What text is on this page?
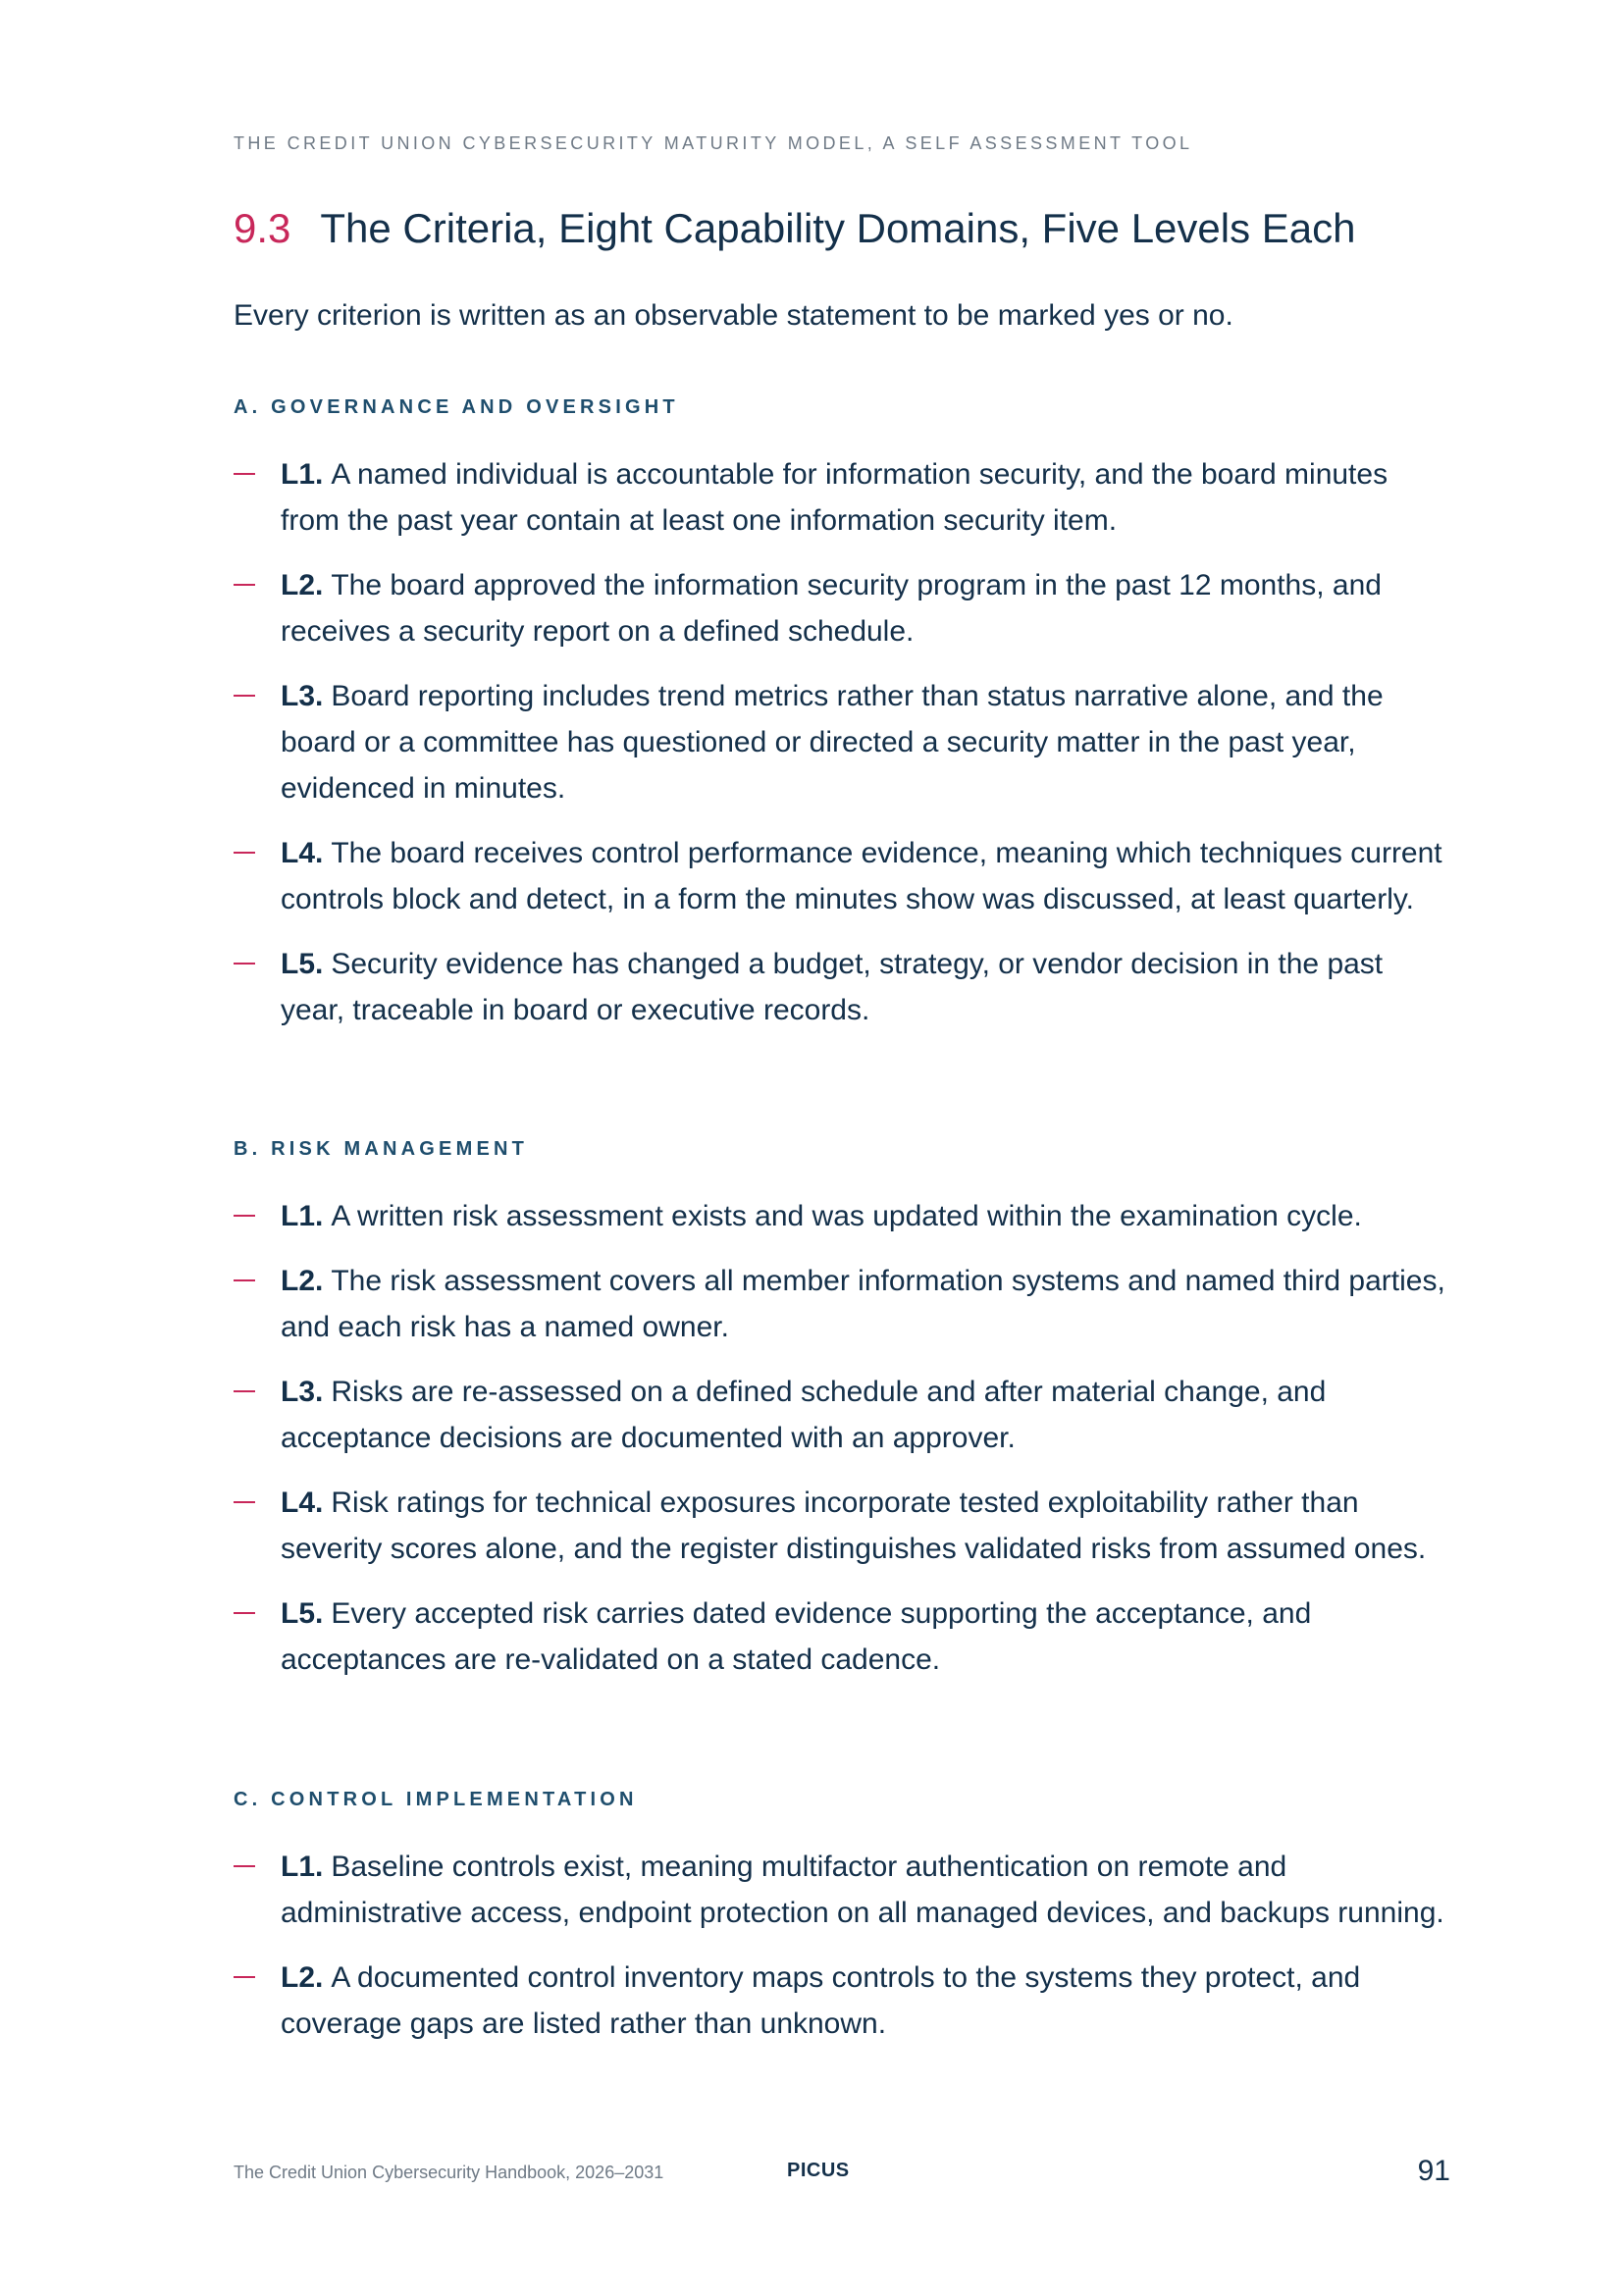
THE CREDIT UNION CYBERSECURITY MATURITY MODEL, A SELF ASSESSMENT TOOL
9.3 The Criteria, Eight Capability Domains, Five Levels Each

Every criterion is written as an observable statement to be marked yes or no.

A. GOVERNANCE AND OVERSIGHT
L1. A named individual is accountable for information security, and the board minutes from the past year contain at least one information security item.
L2. The board approved the information security program in the past 12 months, and receives a security report on a defined schedule.
L3. Board reporting includes trend metrics rather than status narrative alone, and the board or a committee has questioned or directed a security matter in the past year, evidenced in minutes.
L4. The board receives control performance evidence, meaning which techniques current controls block and detect, in a form the minutes show was discussed, at least quarterly.
L5. Security evidence has changed a budget, strategy, or vendor decision in the past year, traceable in board or executive records.
B. RISK MANAGEMENT
L1. A written risk assessment exists and was updated within the examination cycle.
L2. The risk assessment covers all member information systems and named third parties, and each risk has a named owner.
L3. Risks are re-assessed on a defined schedule and after material change, and acceptance decisions are documented with an approver.
L4. Risk ratings for technical exposures incorporate tested exploitability rather than severity scores alone, and the register distinguishes validated risks from assumed ones.
L5. Every accepted risk carries dated evidence supporting the acceptance, and acceptances are re-validated on a stated cadence.
C. CONTROL IMPLEMENTATION
L1. Baseline controls exist, meaning multifactor authentication on remote and administrative access, endpoint protection on all managed devices, and backups running.
L2. A documented control inventory maps controls to the systems they protect, and coverage gaps are listed rather than unknown.
The Credit Union Cybersecurity Handbook, 2026–2031	PICUS	91
